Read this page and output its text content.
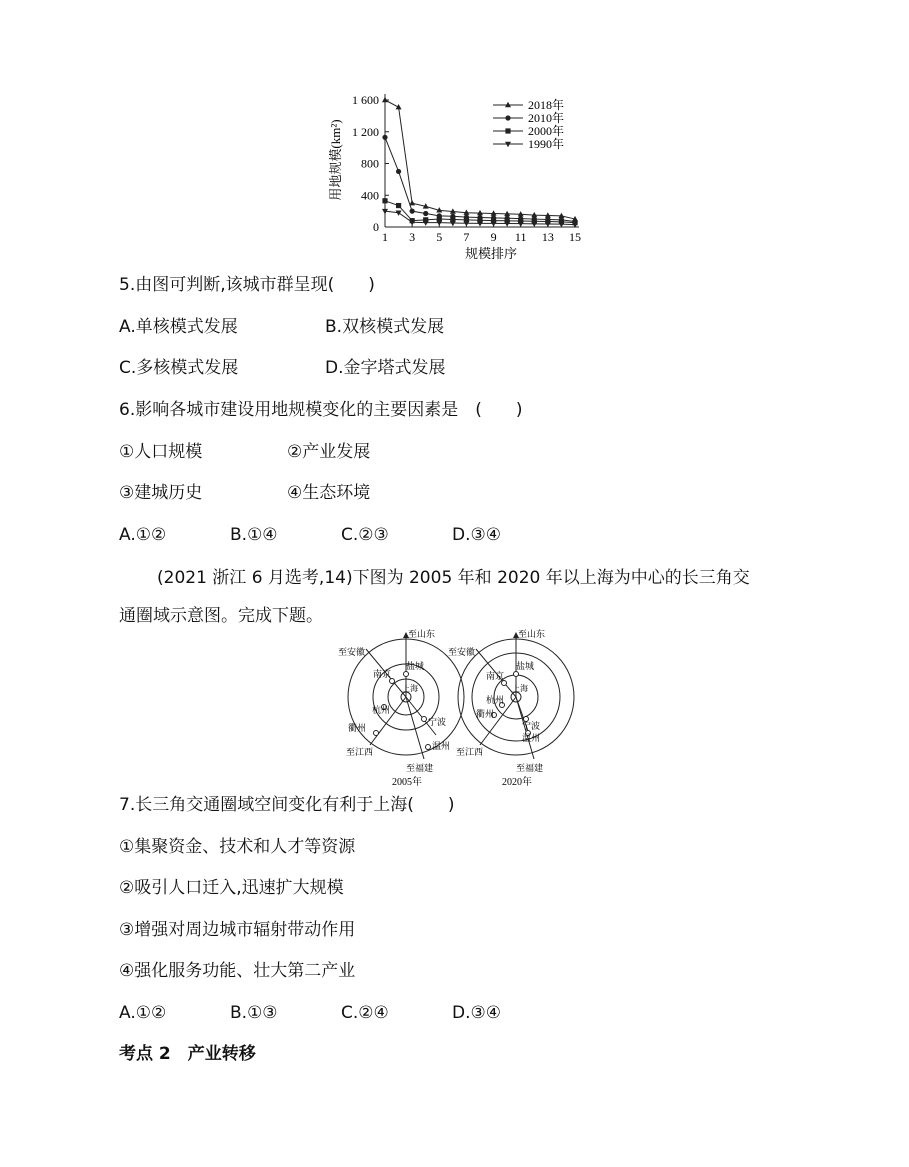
0
400
800
1 200
1 600
1 3 5 7 9 11 13 15
用地规模(km²)
规模排序
2018年
2010年
2000年
1990年
5.由图可判断,该城市群呈现(　　)
A.单核模式发展	B.双核模式发展
C.多核模式发展	D.金字塔式发展
6.影响各城市建设用地规模变化的主要因素是　(　　)
①人口规模	②产业发展
③建城历史	④生态环境
A.①②	B.①④	C.②③	D.③④
(2021 浙江 6 月选考,14)下图为 2005 年和 2020 年以上海为中心的长三角交
通圈域示意图。完成下题。
至山东
盐城
至安徽
南京
上海
杭州
衢州
宁波
温州
至江西
至福建
2005年
至山东
盐城
至安徽
南京
上海
杭州
衢州
宁波
温州
至江西
至福建
2020年
7.长三角交通圈域空间变化有利于上海(　　)
①集聚资金、技术和人才等资源
②吸引人口迁入,迅速扩大规模
③增强对周边城市辐射带动作用
④强化服务功能、壮大第二产业
A.①②	B.①③	C.②④	D.③④
考点 2　产业转移
